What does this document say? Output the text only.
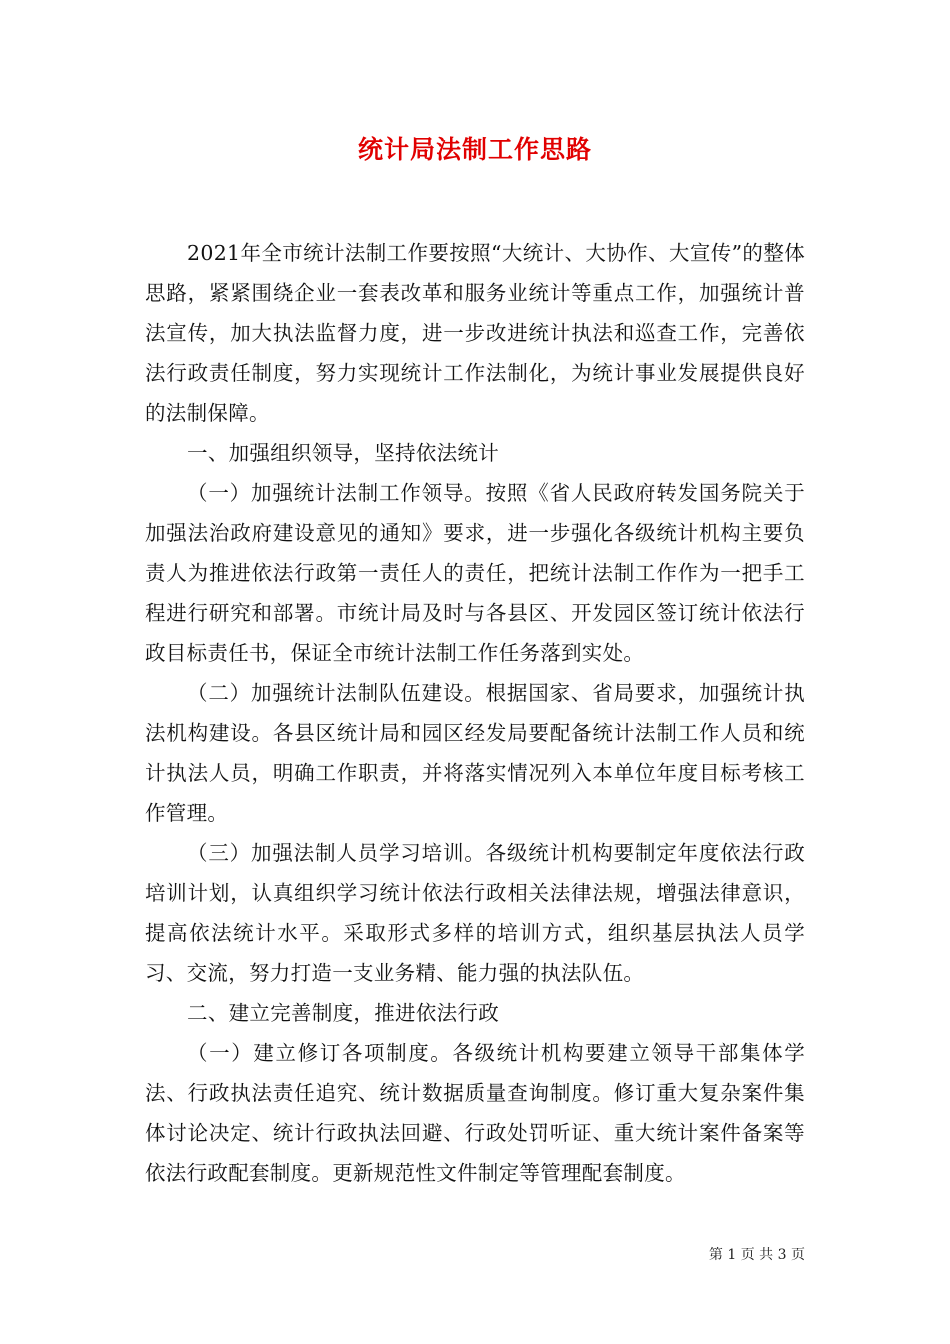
统计局法制工作思路

2021年全市统计法制工作要按照“大统计、大协作、大宣传”的整体思路，紧紧围绕企业一套表改革和服务业统计等重点工作，加强统计普法宣传，加大执法监督力度，进一步改进统计执法和巡查工作，完善依法行政责任制度，努力实现统计工作法制化，为统计事业发展提供良好的法制保障。

一、加强组织领导，坚持依法统计

（一）加强统计法制工作领导。按照《省人民政府转发国务院关于加强法治政府建设意见的通知》要求，进一步强化各级统计机构主要负责人为推进依法行政第一责任人的责任，把统计法制工作作为一把手工程进行研究和部署。市统计局及时与各县区、开发园区签订统计依法行政目标责任书，保证全市统计法制工作任务落到实处。

（二）加强统计法制队伍建设。根据国家、省局要求，加强统计执法机构建设。各县区统计局和园区经发局要配备统计法制工作人员和统计执法人员，明确工作职责，并将落实情况列入本单位年度目标考核工作管理。

（三）加强法制人员学习培训。各级统计机构要制定年度依法行政培训计划，认真组织学习统计依法行政相关法律法规，增强法律意识，提高依法统计水平。采取形式多样的培训方式，组织基层执法人员学习、交流，努力打造一支业务精、能力强的执法队伍。

二、建立完善制度，推进依法行政

（一）建立修订各项制度。各级统计机构要建立领导干部集体学法、行政执法责任追究、统计数据质量查询制度。修订重大复杂案件集体讨论决定、统计行政执法回避、行政处罚听证、重大统计案件备案等依法行政配套制度。更新规范性文件制定等管理配套制度。

第 1 页 共 3 页
